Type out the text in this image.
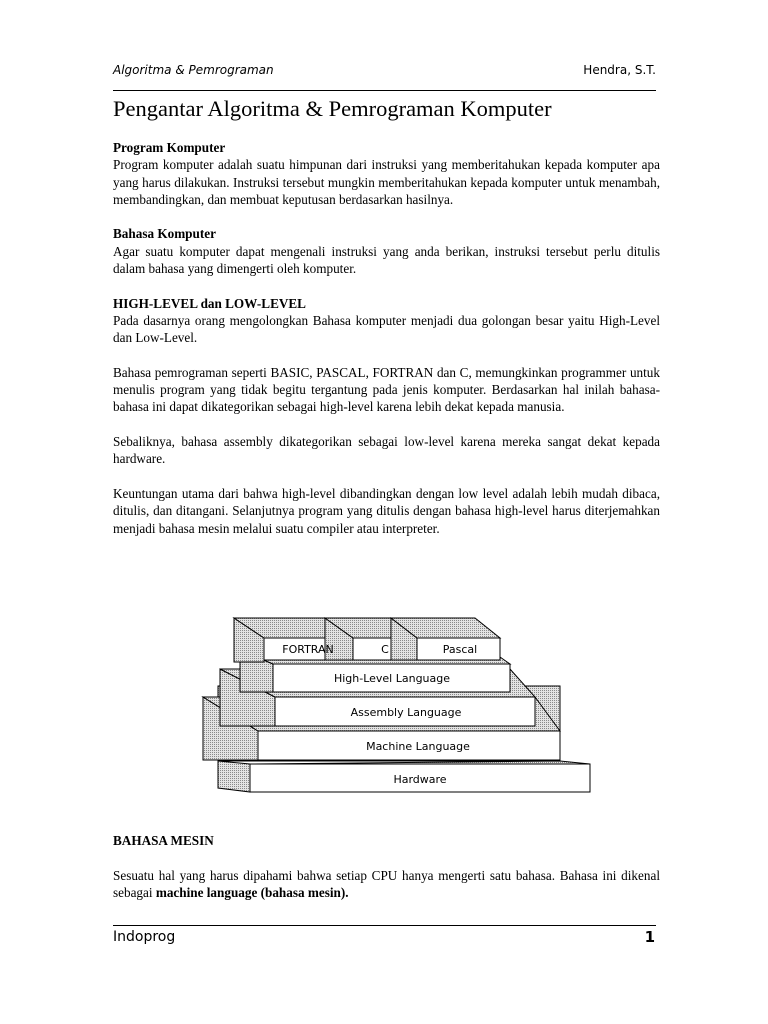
Algoritma & Pemrograman	Hendra, S.T.
Pengantar Algoritma & Pemrograman Komputer
Program Komputer

Program komputer adalah suatu himpunan dari instruksi yang memberitahukan kepada komputer apa yang harus dilakukan. Instruksi tersebut mungkin memberitahukan kepada komputer untuk menambah, membandingkan, dan membuat keputusan berdasarkan hasilnya.

Bahasa Komputer

Agar suatu komputer dapat mengenali instruksi yang anda berikan, instruksi tersebut perlu ditulis dalam bahasa yang dimengerti oleh komputer.

HIGH-LEVEL dan LOW-LEVEL

Pada dasarnya orang mengolongkan Bahasa komputer menjadi dua golongan besar yaitu High-Level dan Low-Level.

Bahasa pemrograman seperti BASIC, PASCAL, FORTRAN dan C, memungkinkan programmer untuk menulis program yang tidak begitu tergantung pada jenis komputer. Berdasarkan hal inilah bahasa-bahasa ini dapat dikategorikan sebagai high-level karena lebih dekat kepada manusia.

Sebaliknya, bahasa assembly dikategorikan sebagai low-level karena mereka sangat dekat kepada hardware.

Keuntungan utama dari bahwa high-level dibandingkan dengan low level adalah lebih mudah dibaca, ditulis, dan ditangani. Selanjutnya program yang ditulis dengan bahasa high-level harus diterjemahkan menjadi bahasa mesin melalui suatu compiler atau interpreter.

FORTRAN	C	Pascal
High-Level Language
Assembly Language
Machine Language
Hardware
BAHASA MESIN

Sesuatu hal yang harus dipahami bahwa setiap CPU hanya mengerti satu bahasa. Bahasa ini dikenal sebagai machine language (bahasa mesin).

Indoprog	1
